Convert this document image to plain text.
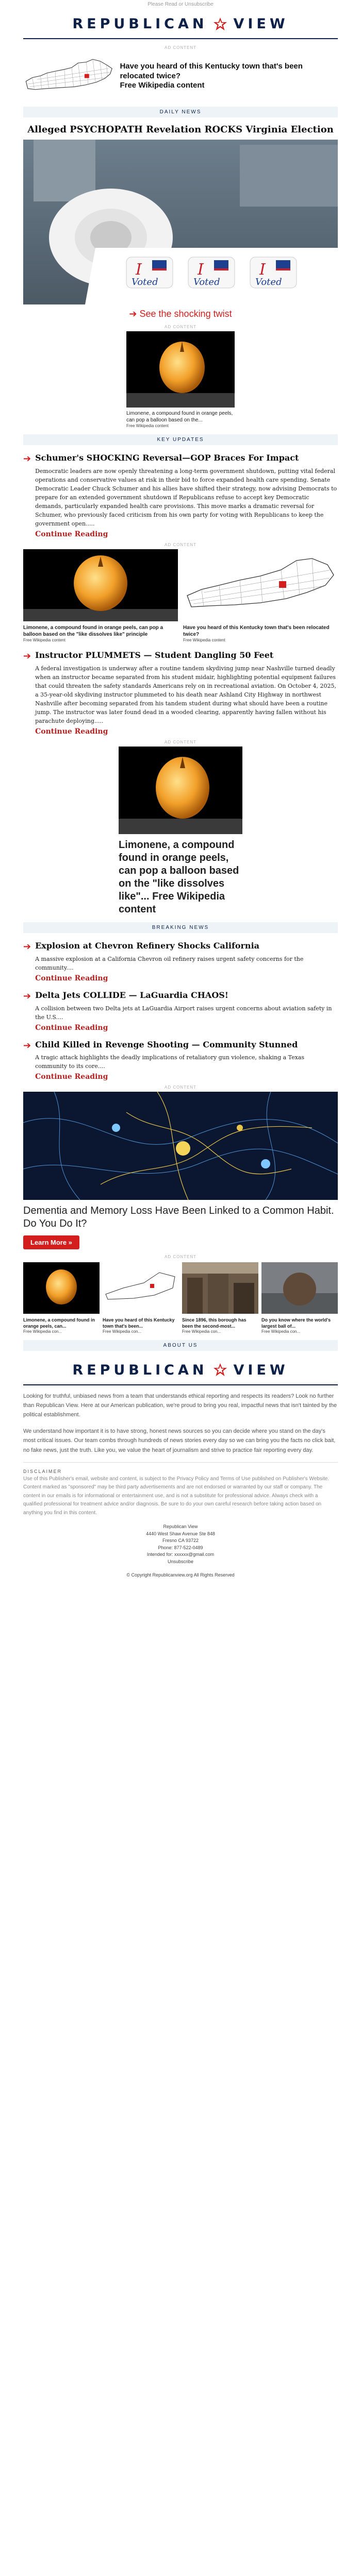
Please Read or Unsubscribe
REPUBLICAN VIEW
AD CONTENT
Have you heard of this Kentucky town that's been relocated twice?
Free Wikipedia content
DAILY NEWS
Alleged PSYCHOPATH Revelation ROCKS Virginia Election
I
Voted
I
Voted
I
Voted
➔ See the shocking twist
AD CONTENT
Limonene, a compound found in orange peels, can pop a balloon based on the...
Free Wikipedia content
KEY UPDATES
➔ Schumer's SHOCKING Reversal—GOP Braces For Impact

Democratic leaders are now openly threatening a long-term government shutdown, putting vital federal operations and conservative values at risk in their bid to force expanded health care spending. Senate Democratic Leader Chuck Schumer and his allies have shifted their strategy, now advising Democrats to prepare for an extended government shutdown if Republicans refuse to accept key Democratic demands, particularly expanded health care provisions. This move marks a dramatic reversal for Schumer, who previously faced criticism from his own party for voting with Republicans to keep the government open.....

Continue Reading
AD CONTENT
Limonene, a compound found in orange peels, can pop a balloon based on the "like dissolves like" principle
Free Wikipedia content
Have you heard of this Kentucky town that's been relocated twice?
Free Wikipedia content
➔ Instructor PLUMMETS — Student Dangling 50 Feet

A federal investigation is underway after a routine tandem skydiving jump near Nashville turned deadly when an instructor became separated from his student midair, highlighting potential equipment failures that could threaten the safety standards Americans rely on in recreational aviation. On October 4, 2025, a 35-year-old skydiving instructor plummeted to his death near Ashland City Highway in northwest Nashville after becoming separated from his tandem student during what should have been a routine jump. The instructor was later found dead in a wooded clearing, apparently having fallen without his parachute deploying.....

Continue Reading
AD CONTENT
Limonene, a compound found in orange peels, can pop a balloon based on the "like dissolves like"... Free Wikipedia content
BREAKING NEWS
➔ Explosion at Chevron Refinery Shocks California

A massive explosion at a California Chevron oil refinery raises urgent safety concerns for the community....

Continue Reading
➔ Delta Jets COLLIDE — LaGuardia CHAOS!

A collision between two Delta jets at LaGuardia Airport raises urgent concerns about aviation safety in the U.S....

Continue Reading
➔ Child Killed in Revenge Shooting — Community Stunned

A tragic attack highlights the deadly implications of retaliatory gun violence, shaking a Texas community to its core....

Continue Reading
AD CONTENT
Dementia and Memory Loss Have Been Linked to a Common Habit. Do You Do It?
Learn More »
AD CONTENT
Limonene, a compound found in orange peels, can...
Free Wikipedia con...
Have you heard of this Kentucky town that's been...
Free Wikipedia con...
Since 1896, this borough has been the second-most...
Free Wikipedia con...
Do you know where the world's largest ball of...
Free Wikipedia con...
ABOUT US
REPUBLICAN VIEW

Looking for truthful, unbiased news from a team that understands ethical reporting and respects its readers? Look no further than Republican View. Here at our American publication, we're proud to bring you real, impactful news that isn't tainted by the political establishment.

We understand how important it is to have strong, honest news sources so you can decide where you stand on the day's most critical issues. Our team combs through hundreds of news stories every day so we can bring you the facts no click bait, no fake news, just the truth. Like you, we value the heart of journalism and strive to practice fair reporting every day.

DISCLAIMER

Use of this Publisher's email, website and content, is subject to the Privacy Policy and Terms of Use published on Publisher's Website. Content marked as "sponsored" may be third party advertisements and are not endorsed or warranted by our staff or company. The content in our emails is for informational or entertainment use, and is not a substitute for professional advice. Always check with a qualified professional for treatment advice and/or diagnosis. Be sure to do your own careful research before taking action based on anything you find in this content.

Republican View
4440 West Shaw Avenue Ste 848
Fresno CA 93722
Phone: 877-522-0489
Intended for: xxxxxx@gmail.com
Unsubscribe
© Copyright Republicanview.org All Rights Reserved
